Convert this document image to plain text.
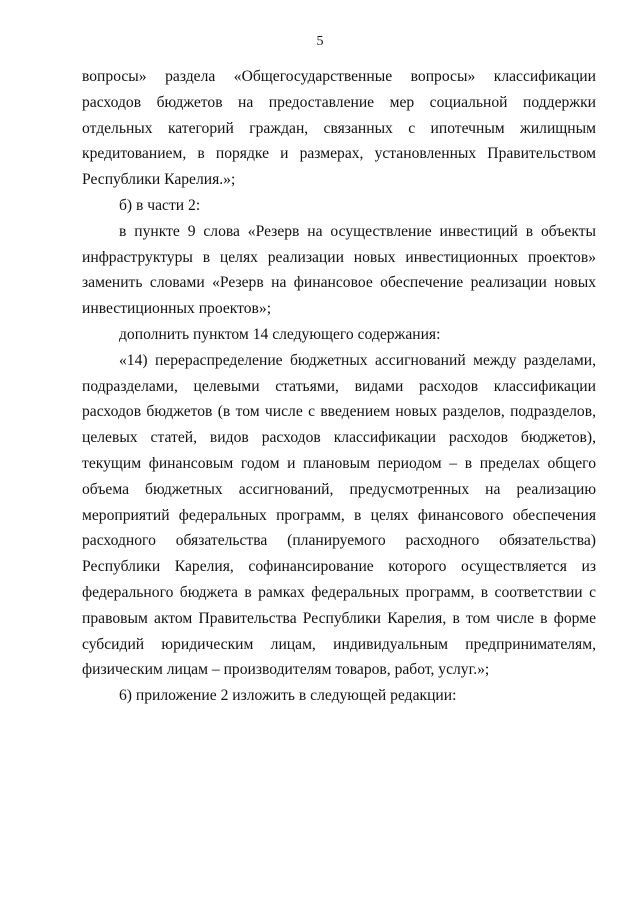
5

вопросы» раздела «Общегосударственные вопросы» классификации расходов бюджетов на предоставление мер социальной поддержки отдельных категорий граждан, связанных с ипотечным жилищным кредитованием, в порядке и размерах, установленных Правительством Республики Карелия.»;

б) в части 2:

в пункте 9 слова «Резерв на осуществление инвестиций в объекты инфраструктуры в целях реализации новых инвестиционных проектов» заменить словами «Резерв на финансовое обеспечение реализации новых инвестиционных проектов»;

дополнить пунктом 14 следующего содержания:

«14) перераспределение бюджетных ассигнований между разделами, подразделами, целевыми статьями, видами расходов классификации расходов бюджетов (в том числе с введением новых разделов, подразделов, целевых статей, видов расходов классификации расходов бюджетов), текущим финансовым годом и плановым периодом – в пределах общего объема бюджетных ассигнований, предусмотренных на реализацию мероприятий федеральных программ, в целях финансового обеспечения расходного обязательства (планируемого расходного обязательства) Республики Карелия, софинансирование которого осуществляется из федерального бюджета в рамках федеральных программ, в соответствии с правовым актом Правительства Республики Карелия, в том числе в форме субсидий юридическим лицам, индивидуальным предпринимателям, физическим лицам – производителям товаров, работ, услуг.»;

6) приложение 2 изложить в следующей редакции:
